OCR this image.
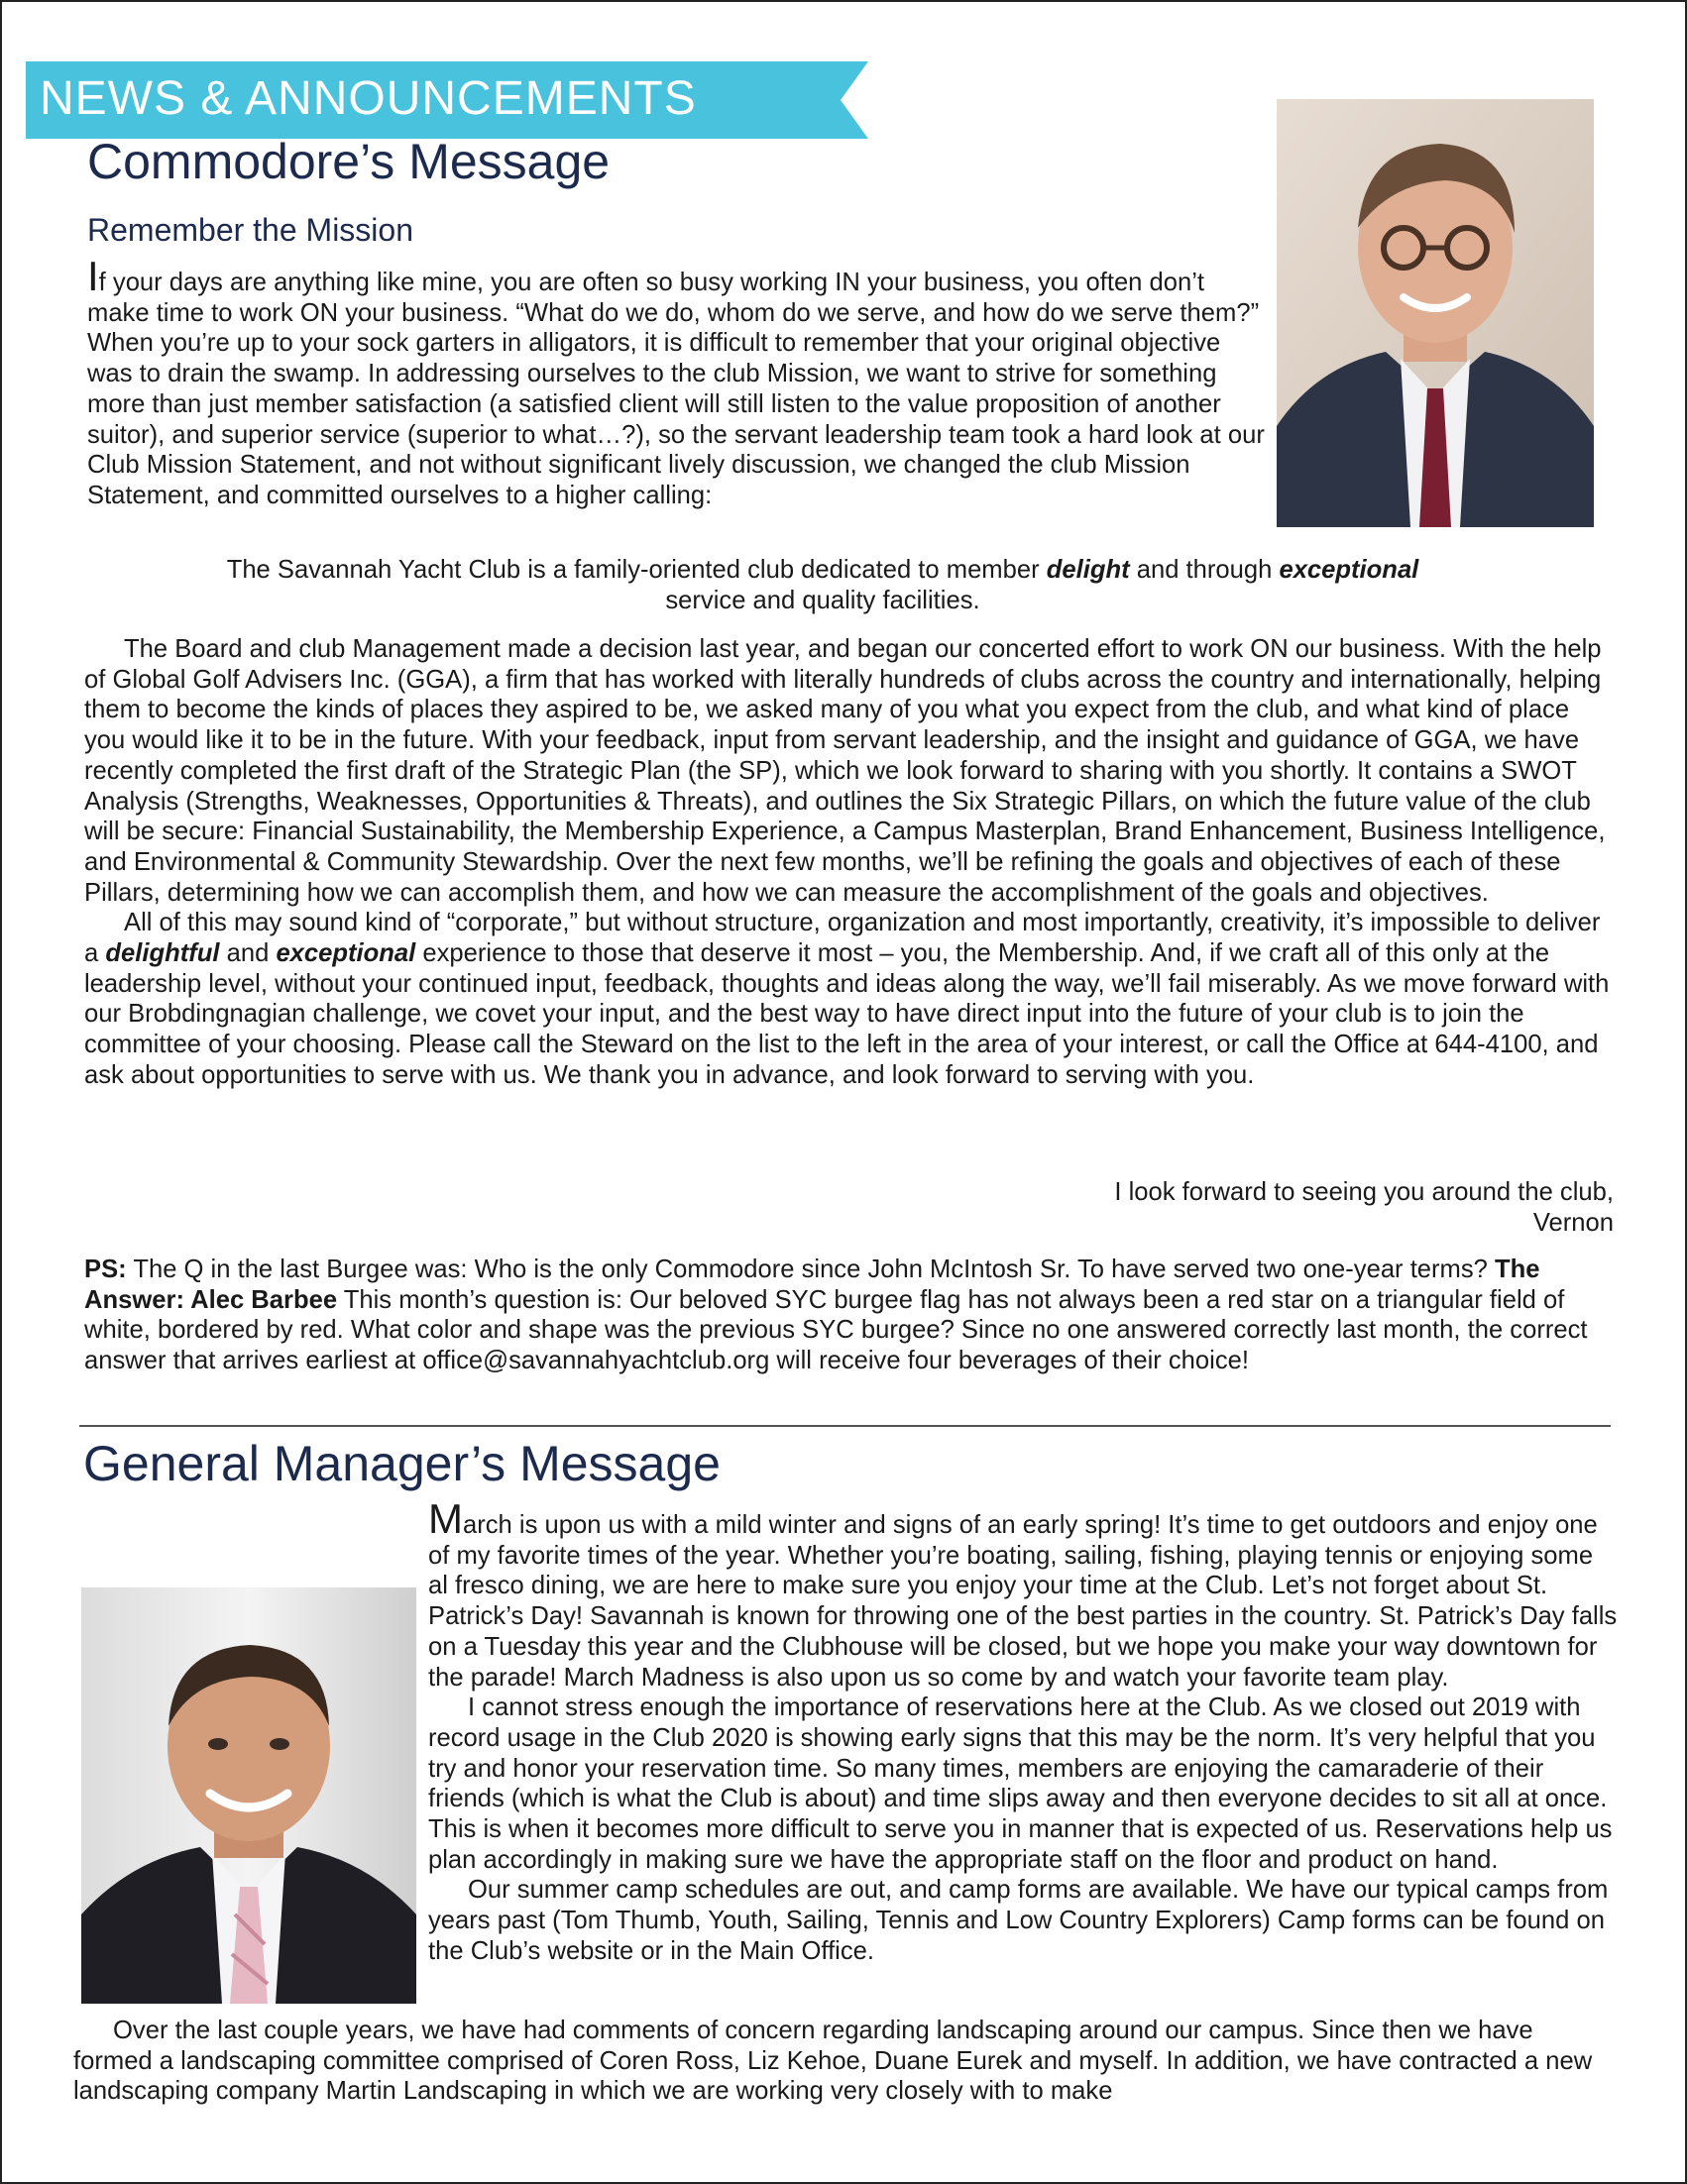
NEWS & ANNOUNCEMENTS
Commodore’s Message
Remember the Mission

If your days are anything like mine, you are often so busy working IN your business, you often don’t make time to work ON your business. “What do we do, whom do we serve, and how do we serve them?” When you’re up to your sock garters in alligators, it is difficult to remember that your original objective was to drain the swamp. In addressing ourselves to the club Mission, we want to strive for something more than just member satisfaction (a satisfied client will still listen to the value proposition of another suitor), and superior service (superior to what…?), so the servant leadership team took a hard look at our Club Mission Statement, and not without significant lively discussion, we changed the club Mission Statement, and committed ourselves to a higher calling:

The Savannah Yacht Club is a family-oriented club dedicated to member delight and through exceptional service and quality facilities.

The Board and club Management made a decision last year, and began our concerted effort to work ON our business. With the help of Global Golf Advisers Inc. (GGA), a firm that has worked with literally hundreds of clubs across the country and internationally, helping them to become the kinds of places they aspired to be, we asked many of you what you expect from the club, and what kind of place you would like it to be in the future. With your feedback, input from servant leadership, and the insight and guidance of GGA, we have recently completed the first draft of the Strategic Plan (the SP), which we look forward to sharing with you shortly. It contains a SWOT Analysis (Strengths, Weaknesses, Opportunities & Threats), and outlines the Six Strategic Pillars, on which the future value of the club will be secure: Financial Sustainability, the Membership Experience, a Campus Masterplan, Brand Enhancement, Business Intelligence, and Environmental & Community Stewardship. Over the next few months, we’ll be refining the goals and objectives of each of these Pillars, determining how we can accomplish them, and how we can measure the accomplishment of the goals and objectives.

All of this may sound kind of “corporate,” but without structure, organization and most importantly, creativity, it’s impossible to deliver a delightful and exceptional experience to those that deserve it most – you, the Membership. And, if we craft all of this only at the leadership level, without your continued input, feedback, thoughts and ideas along the way, we’ll fail miserably. As we move forward with our Brobdingnagian challenge, we covet your input, and the best way to have direct input into the future of your club is to join the committee of your choosing. Please call the Steward on the list to the left in the area of your interest, or call the Office at 644-4100, and ask about opportunities to serve with us. We thank you in advance, and look forward to serving with you.

I look forward to seeing you around the club,
Vernon

PS: The Q in the last Burgee was: Who is the only Commodore since John McIntosh Sr. To have served two one-year terms? The Answer: Alec Barbee This month’s question is: Our beloved SYC burgee flag has not always been a red star on a triangular field of white, bordered by red. What color and shape was the previous SYC burgee? Since no one answered correctly last month, the correct answer that arrives earliest at office@savannahyachtclub.org will receive four beverages of their choice!

General Manager’s Message

March is upon us with a mild winter and signs of an early spring! It’s time to get outdoors and enjoy one of my favorite times of the year. Whether you’re boating, sailing, fishing, playing tennis or enjoying some al fresco dining, we are here to make sure you enjoy your time at the Club. Let’s not forget about St. Patrick’s Day! Savannah is known for throwing one of the best parties in the country. St. Patrick’s Day falls on a Tuesday this year and the Clubhouse will be closed, but we hope you make your way downtown for the parade! March Madness is also upon us so come by and watch your favorite team play.

I cannot stress enough the importance of reservations here at the Club. As we closed out 2019 with record usage in the Club 2020 is showing early signs that this may be the norm. It’s very helpful that you try and honor your reservation time. So many times, members are enjoying the camaraderie of their friends (which is what the Club is about) and time slips away and then everyone decides to sit all at once. This is when it becomes more difficult to serve you in manner that is expected of us. Reservations help us plan accordingly in making sure we have the appropriate staff on the floor and product on hand.

Our summer camp schedules are out, and camp forms are available. We have our typical camps from years past (Tom Thumb, Youth, Sailing, Tennis and Low Country Explorers) Camp forms can be found on the Club’s website or in the Main Office.

Over the last couple years, we have had comments of concern regarding landscaping around our campus. Since then we have formed a landscaping committee comprised of Coren Ross, Liz Kehoe, Duane Eurek and myself. In addition, we have contracted a new landscaping company Martin Landscaping in which we are working very closely with to make
